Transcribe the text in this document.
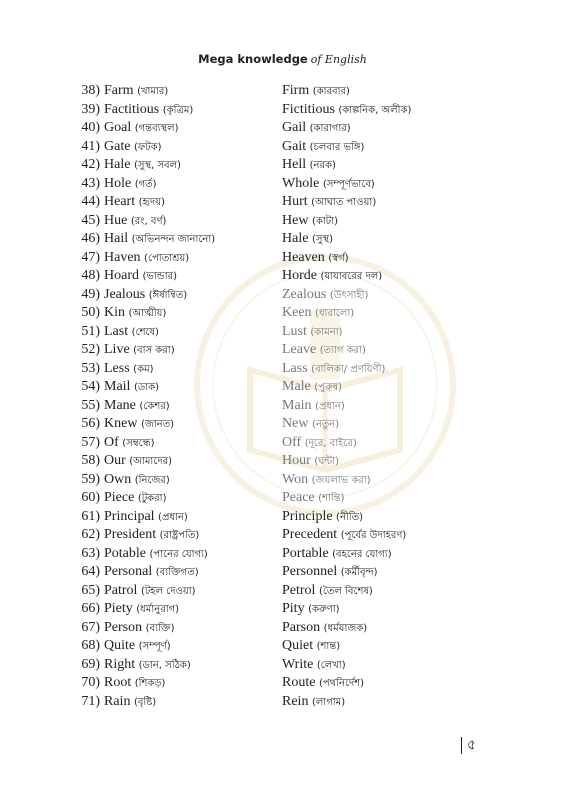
Mega knowledge of English
38) Farm (খামার)	Firm (কারবার)
39) Factitious (কৃত্রিম)	Fictitious (কাল্পনিক, অলীক)
40) Goal (গন্তব্যস্থল)	Gail (কারাগার)
41) Gate (ফটক)	Gait (চলবার ভঙ্গি)
42) Hale (সুস্থ, সবল)	Hell (নরক)
43) Hole (গর্ত)	Whole (সম্পূর্ণভাবে)
44) Heart (হৃদয়)	Hurt (আঘাত পাওয়া)
45) Hue (রং, বর্ণ)	Hew (কাটা)
46) Hail (অভিনন্দন জানানো)	Hale (সুস্থ)
47) Haven (পোতাশ্রয়)	Heaven (স্বর্গ)
48) Hoard (ভান্ডার)	Horde (যাযাবরের দল)
49) Jealous (ঈর্ষান্বিত)	Zealous (উৎসাহী)
50) Kin (আত্মীয়)	Keen (ধারালো)
51) Last (শেষে)	Lust (কামনা)
52) Live (বাস করা)	Leave (ত্যাগ করা)
53) Less (কম)	Lass (বালিকা/ প্রণয়িণী)
54) Mail (ডাক)	Male (পুরুষ)
55) Mane (কেশর)	Main (প্রধান)
56) Knew (জানত)	New (নতুন)
57) Of (সম্বন্ধে)	Off (দূরে, বাইরে)
58) Our (আমাদের)	Hour (ঘন্টা)
59) Own (নিজের)	Won (জয়লাভ করা)
60) Piece (টুকরা)	Peace (শান্তি)
61) Principal (প্রধান)	Principle (নীতি)
62) President (রাষ্ট্রপতি)	Precedent (পূর্বের উদাহরণ)
63) Potable (পানের যোগ্য)	Portable (বহনের যোগ্য)
64) Personal (ব্যক্তিগত)	Personnel (কর্মীবৃন্দ)
65) Patrol (টহল দেওয়া)	Petrol (তৈল বিশেষ)
66) Piety (ধর্মানুরাগ)	Pity (করুণা)
67) Person (ব্যক্তি)	Parson (ধর্মযাজক)
68) Quite (সম্পূর্ণ)	Quiet (শান্ত)
69) Right (ডান, সঠিক)	Write (লেখা)
70) Root (শিকড়)	Route (পথনির্দেশ)
71) Rain (বৃষ্টি)	Rein (লাগাম)
৫
